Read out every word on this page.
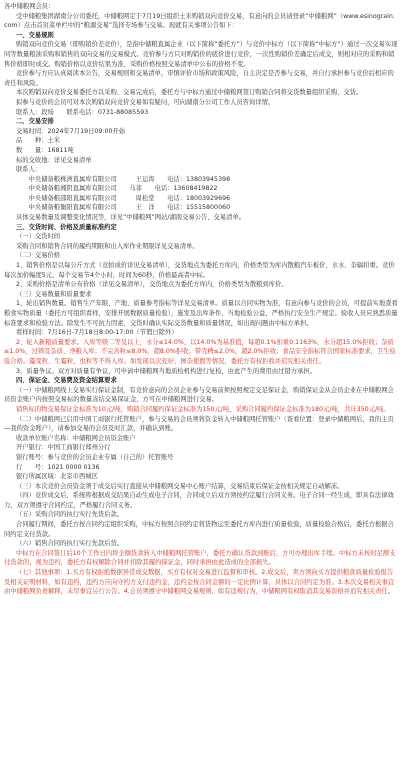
各中储粮网会员：

受中储粮集团湖南分公司委托，中储粮网定于7月19日组织土米购销双向竞价交易，有意向的会员请登录“中储粮网”（www.esinograin.com）点击首页菜单栏中的“粮源交易”选择专场参与交易。现就有关事项公告如下：

一、交易规则

购销双向竞价交易（即购销价差竞价），是指中储粮直属企业（以下简称“委托方”）与竞价中标方（以下简称“中标方”）通过一次交易实现同等数量粮油采购和销售的双向交易的交易模式。竞价参与方只对购销价的底价进行竞价，一次性购销价差确定后成交，则相对应的采购和销售价格即时成交。购销价格以竞价结果为准，采购价格按照交易清单中公布的价格不变。

竞价参与方应认真阅读本公告，交易规则和交易清单，审慎评价市场和政策风险，自主决定是否参与交易，并自行承担参与竞价后相应的责任和风险。

本次购销双向竞价交易委托方以采购、交易完成后，委托方与中标方通过中储粮网签订购销合同将交货数量组织采购、交货。

拟参与竞价的会员可对本次购销双向竞价交易如有疑问，可向湖南分公司工作人员咨询详情。

联系人：段炀　　联系电话：0731-88085593

二、交易安排

交易时间：2024年7月19日09:00开始

品　　种：土米

数　　量：16811吨

标的交收地：详见交易清单

联系人：

　　中央储备粮株洲直属库有限公司　　　王运涛　　电话：13803945398

　　中央储备粮湘阴直属库有限公司　　马菲　　电话：13608419822

　　中央储备粮邵阳直属库有限公司　　　周松堂　　电话：18003929696

　　中央储备粮衡阳直属库有限公司　　　王　洋　　电话：15515800060

具体交易数量及调整变化情况等，详见“中储粮网”网站/湖南交易公告、交易清单。

三、交货时间、价格及质量标准约定

（一）交货时间

采购合同和销售合同的履约期限和出入库作业期限详见交易清单。

（二）交易价格

1、销售价格是以每公斤方式（竞拍成价详见交易清单），交货地点为委托方库内，价格类型为库内散粮汽车板价，水水、杂辐扣重。竞价每次加价幅度5元，每个交易节4个小时，时间为60秒，价格最高者中标。

2、采购价格是清单公布价格（详见交易清单），交货地点为委托方库内，价格类型为散粮到库价。

（三）交易数量和质量要求

1、轮出销售数量。销售生产年限、产地、质量参考指标等详见交易清单。质量以合同实物为准，有意向参与竞价的会员，可提前实地查看粮食实物质量（委托方可组织看样，安排开展数据质量检验），施发及出库条件，当地检验公益，严格执行安全生产规定。验收人员应熟悉质量标准要求和检验方法。除发生不可抗力因素，交货时确认实际交货数量和质量情况，如出现问题由中标方承担。

看样时间：7月16日-7月18日8:00-17:00（节假日除外）

2、轮入新粮质量要求。入库等级二等及以上，水分≤14.0%，以14.0%为基准值，每超0.1%扣重0.1163%，水分超15.0%拒收；杂质≤1.0%，过筛及杂质、净粮入库；不完善粒≤8.0%，超8.0%拒收；带壳稗≤2.0%，超2.0%拒收；食品安全指标符合国家标准要求，卫生检验合格。霉变粒、生霉粒、虫粒等不得入库。如发现以次充好、掺杂使假等情况，委托方有权拒收并追究相关责任。

3、质量争议。双方对质量有争议，可申请中储粮网当地质检机构进行复检，由此产生的费用由过错方承担。

四、保证金、交易费及资金结算要求

（一）中储粮网线上交易实行保证金制，有竞价意向的会员企业参与交易前须按照规定交足保证金，购销保证金从会员企业在中储粮网会员资金账户内按照交易标的数量冻结交易保证金，方可在中储粮网进行交易。

销售标的物交易保证金标准为10元/吨，购销合同履约保证金标准为150元/吨，采购合同履约保证金标准为180元/吨，共计350元/吨。

（二）中储粮网已启用中国工商银行托管账户，参与交易的会员须将资金转入中储粮网托管账户（查看位置：登录中储粮网后，我的主页—我的资金账户），请参加交易的会员及时汇款，并确认到账。

收款单位账户名称：中储粮网会员资金账户

开户银行：中国工商银行郑州分行

银行账号：参与竞价的会员企业专属（自己的）托管账号

行　　号：1021 0000 0136

银行所属区域：北京市西城区

（三）本次竞价会员资金须于成交后实行直接从中储粮网交易中心账户结算，交易结束后保证金按相关规定自动解冻。

（四）竞价成交后，系统将根据成交结果自动生成电子合同，合同成立后双方须按约定履行合同义务。电子合同一经生成，即具有法律效力，双方须遵守合同约定，严格履行合同义务。

（五）采购合同的执行实行先货后款。

合同履行期间，委托方按合同约定组织采购，中标方按照合同约定将货物运至委托方库内进行质量检验，质量检验合格后，委托方根据合同约定支付货款。

（六）销售合同的执行实行先款后货。

中标方在合同签订后10个工作日内将全额货款转入中储粮网托管账户，委托方确认货款到账后，方可办理出库手续。中标方未按时足额支付货款的，视为违约，委托方有权解除合同并扣除其履约保证金，同时承担由此造成的全部损失。

（七）其他事项：1.买方有权拒绝数据异常成交数据，买方有权对交易进行监督和审核。2.成交后，卖方须向买方提供粮食质量检验报告及相关证明材料，如有违约，违约方应向守约方支付违约金，违约金按合同金额的一定比例计算，具体以合同约定为准。3.本次交易相关事宜由中储粮网负责解释，未尽事宜另行公告。4.会员须遵守中储粮网交易规则，如有违规行为，中储粮网有权取消其交易资格并追究相关责任。
